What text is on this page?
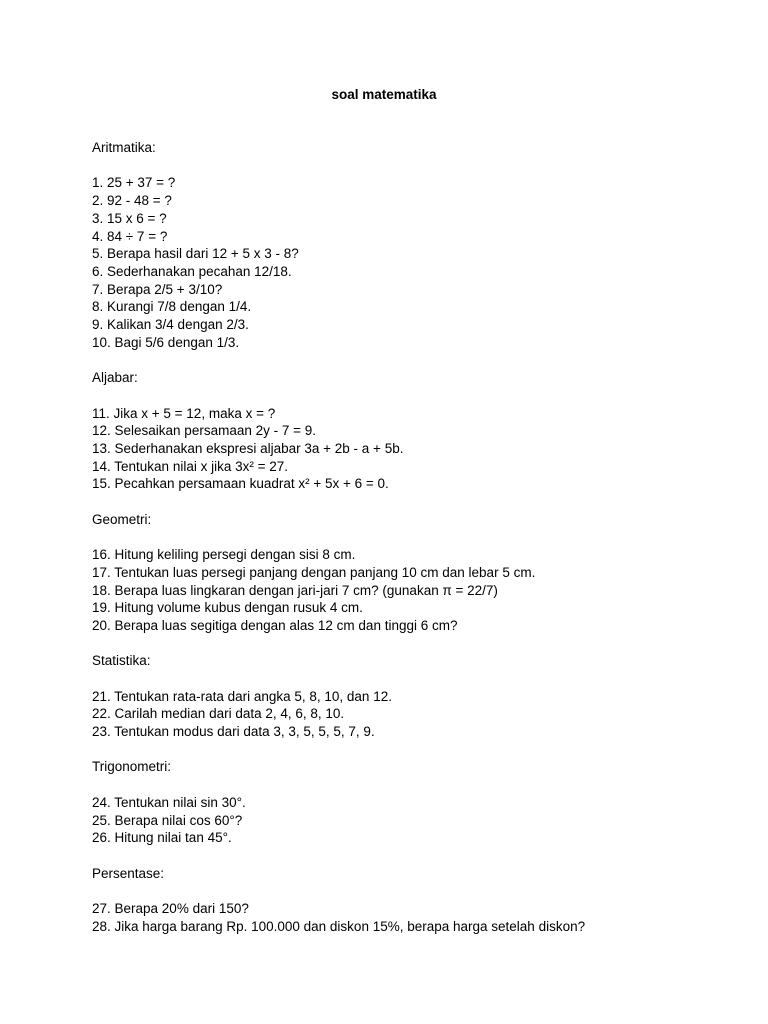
soal matematika
Aritmatika:
1. 25 + 37 = ?
2. 92 - 48 = ?
3. 15 x 6 = ?
4. 84 ÷ 7 = ?
5. Berapa hasil dari 12 + 5 x 3 - 8?
6. Sederhanakan pecahan 12/18.
7. Berapa 2/5 + 3/10?
8. Kurangi 7/8 dengan 1/4.
9. Kalikan 3/4 dengan 2/3.
10. Bagi 5/6 dengan 1/3.
Aljabar:
11. Jika x + 5 = 12, maka x = ?
12. Selesaikan persamaan 2y - 7 = 9.
13. Sederhanakan ekspresi aljabar 3a + 2b - a + 5b.
14. Tentukan nilai x jika 3x² = 27.
15. Pecahkan persamaan kuadrat x² + 5x + 6 = 0.
Geometri:
16. Hitung keliling persegi dengan sisi 8 cm.
17. Tentukan luas persegi panjang dengan panjang 10 cm dan lebar 5 cm.
18. Berapa luas lingkaran dengan jari-jari 7 cm? (gunakan π = 22/7)
19. Hitung volume kubus dengan rusuk 4 cm.
20. Berapa luas segitiga dengan alas 12 cm dan tinggi 6 cm?
Statistika:
21. Tentukan rata-rata dari angka 5, 8, 10, dan 12.
22. Carilah median dari data 2, 4, 6, 8, 10.
23. Tentukan modus dari data 3, 3, 5, 5, 5, 7, 9.
Trigonometri:
24. Tentukan nilai sin 30°.
25. Berapa nilai cos 60°?
26. Hitung nilai tan 45°.
Persentase:
27. Berapa 20% dari 150?
28. Jika harga barang Rp. 100.000 dan diskon 15%, berapa harga setelah diskon?
